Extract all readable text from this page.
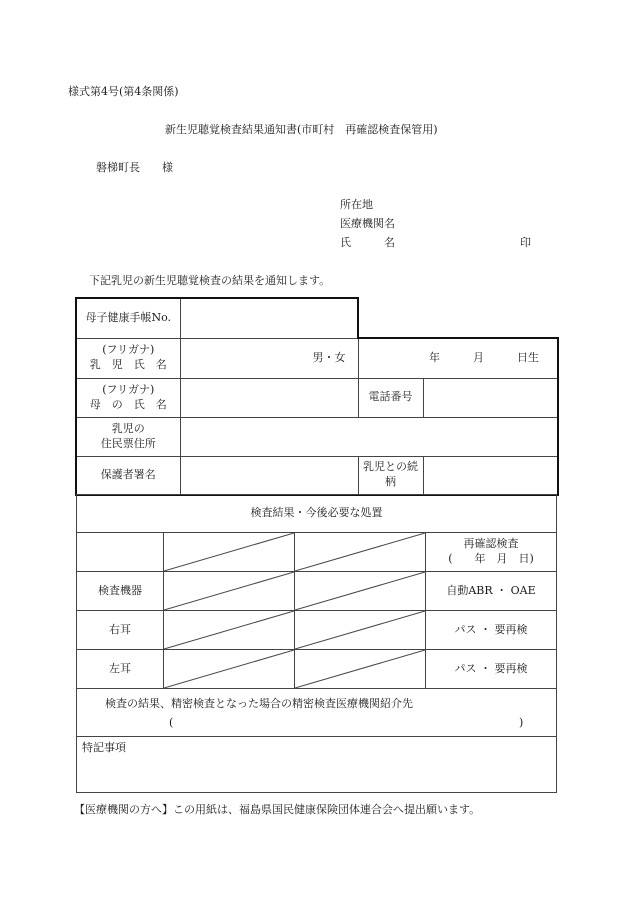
様式第4号(第4条関係)
新生児聴覚検査結果通知書(市町村　再確認検査保管用)
磐梯町長　　様
所在地
医療機関名
氏　　　名	印
下記乳児の新生児聴覚検査の結果を通知します。
母子健康手帳No.			

(フリガナ)
乳　児　氏　名	男・女	年　　　月　　　日生	

(フリガナ)
母　の　氏　名		電話番号	

乳児の
住民票住所			

保護者署名		乳児との続柄	
検査結果・今後必要な処置			

再確認検査
(　　年　月　日)

検査機器			自動ABR ・ OAE
右耳			パス ・ 要再検
左耳			パス ・ 要再検

検査の結果、精密検査となった場合の精密検査医療機関紹介先
( )			

特記事項			
【医療機関の方へ】この用紙は、福島県国民健康保険団体連合会へ提出願います。
